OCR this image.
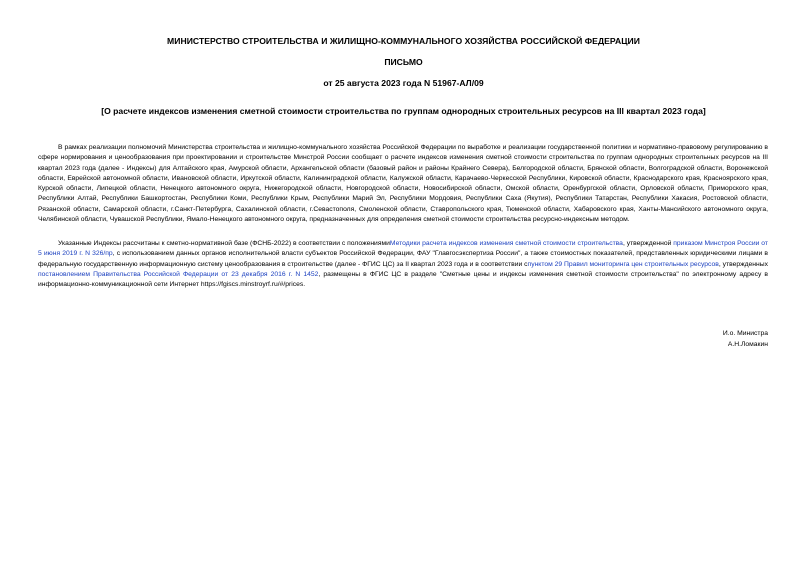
МИНИСТЕРСТВО СТРОИТЕЛЬСТВА И ЖИЛИЩНО-КОММУНАЛЬНОГО ХОЗЯЙСТВА РОССИЙСКОЙ ФЕДЕРАЦИИ
ПИСЬМО
от 25 августа 2023 года N 51967-АЛ/09
[О расчете индексов изменения сметной стоимости строительства по группам однородных строительных ресурсов на III квартал 2023 года]

В рамках реализации полномочий Министерства строительства и жилищно-коммунального хозяйства Российской Федерации по выработке и реализации государственной политики и нормативно-правовому регулированию в сфере нормирования и ценообразования при проектировании и строительстве Минстрой России сообщает о расчете индексов изменения сметной стоимости строительства по группам однородных строительных ресурсов на III квартал 2023 года (далее - Индексы) для Алтайского края, Амурской области, Архангельской области (базовый район и районы Крайнего Севера), Белгородской области, Брянской области, Волгоградской области, Воронежской области, Еврейской автономной области, Ивановской области, Иркутской области, Калининградской области, Калужской области, Карачаево-Черкесской Республики, Кировской области, Краснодарского края, Красноярского края, Курской области, Липецкой области, Ненецкого автономного округа, Нижегородской области, Новгородской области, Новосибирской области, Омской области, Оренбургской области, Орловской области, Приморского края, Республики Алтай, Республики Башкортостан, Республики Коми, Республики Крым, Республики Марий Эл, Республики Мордовия, Республики Саха (Якутия), Республики Татарстан, Республики Хакасия, Ростовской области, Рязанской области, Самарской области, г.Санкт-Петербурга, Сахалинской области, г.Севастополя, Смоленской области, Ставропольского края, Тюменской области, Хабаровского края, Ханты-Мансийского автономного округа, Челябинской области, Чувашской Республики, Ямало-Ненецкого автономного округа, предназначенных для определения сметной стоимости строительства ресурсно-индексным методом.

Указанные Индексы рассчитаны к сметно-нормативной базе (ФСНБ-2022) в соответствии с положениямиМетодики расчета индексов изменения сметной стоимости строительства, утвержденной приказом Минстроя России от 5 июня 2019 г. N 326/пр, с использованием данных органов исполнительной власти субъектов Российской Федерации, ФАУ "Главгосэкспертиза России", а также стоимостных показателей, представленных юридическими лицами в федеральную государственную информационную систему ценообразования в строительстве (далее - ФГИС ЦС) за II квартал 2023 года и в соответствии спунктом 29 Правил мониторинга цен строительных ресурсов, утвержденных постановлением Правительства Российской Федерации от 23 декабря 2016 г. N 1452, размещены в ФГИС ЦС в разделе "Сметные цены и индексы изменения сметной стоимости строительства" по электронному адресу в информационно-коммуникационной сети Интернет https://fgiscs.minstroyrf.ru/#/prices.

И.о. Министра
А.Н.Ломакин
